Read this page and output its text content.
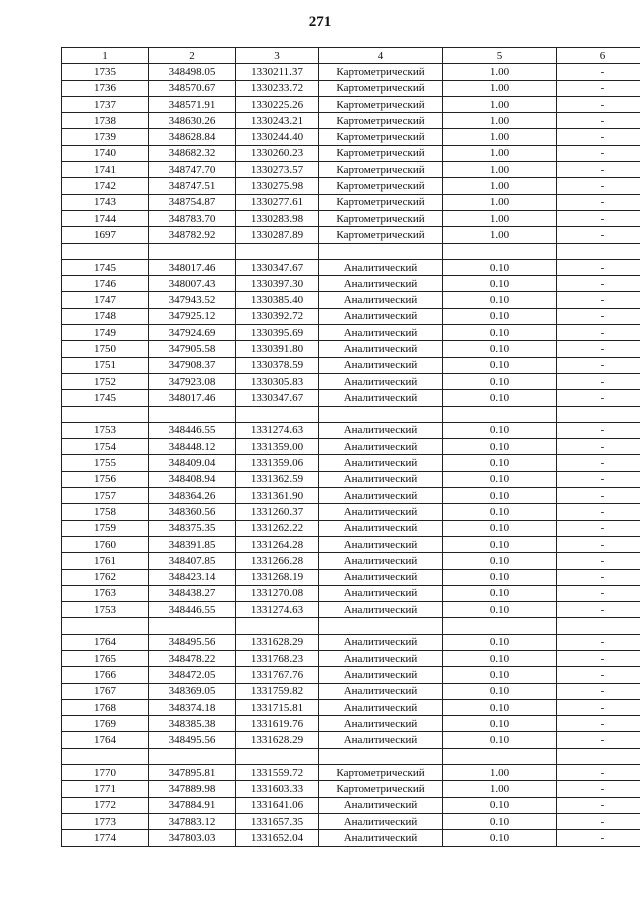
271
1	2	3	4	5	6
1735	348498.05	1330211.37	Картометрический	1.00	-
1736	348570.67	1330233.72	Картометрический	1.00	-
1737	348571.91	1330225.26	Картометрический	1.00	-
1738	348630.26	1330243.21	Картометрический	1.00	-
1739	348628.84	1330244.40	Картометрический	1.00	-
1740	348682.32	1330260.23	Картометрический	1.00	-
1741	348747.70	1330273.57	Картометрический	1.00	-
1742	348747.51	1330275.98	Картометрический	1.00	-
1743	348754.87	1330277.61	Картометрический	1.00	-
1744	348783.70	1330283.98	Картометрический	1.00	-
1697	348782.92	1330287.89	Картометрический	1.00	-

1745	348017.46	1330347.67	Аналитический	0.10	-
1746	348007.43	1330397.30	Аналитический	0.10	-
1747	347943.52	1330385.40	Аналитический	0.10	-
1748	347925.12	1330392.72	Аналитический	0.10	-
1749	347924.69	1330395.69	Аналитический	0.10	-
1750	347905.58	1330391.80	Аналитический	0.10	-
1751	347908.37	1330378.59	Аналитический	0.10	-
1752	347923.08	1330305.83	Аналитический	0.10	-
1745	348017.46	1330347.67	Аналитический	0.10	-

1753	348446.55	1331274.63	Аналитический	0.10	-
1754	348448.12	1331359.00	Аналитический	0.10	-
1755	348409.04	1331359.06	Аналитический	0.10	-
1756	348408.94	1331362.59	Аналитический	0.10	-
1757	348364.26	1331361.90	Аналитический	0.10	-
1758	348360.56	1331260.37	Аналитический	0.10	-
1759	348375.35	1331262.22	Аналитический	0.10	-
1760	348391.85	1331264.28	Аналитический	0.10	-
1761	348407.85	1331266.28	Аналитический	0.10	-
1762	348423.14	1331268.19	Аналитический	0.10	-
1763	348438.27	1331270.08	Аналитический	0.10	-
1753	348446.55	1331274.63	Аналитический	0.10	-

1764	348495.56	1331628.29	Аналитический	0.10	-
1765	348478.22	1331768.23	Аналитический	0.10	-
1766	348472.05	1331767.76	Аналитический	0.10	-
1767	348369.05	1331759.82	Аналитический	0.10	-
1768	348374.18	1331715.81	Аналитический	0.10	-
1769	348385.38	1331619.76	Аналитический	0.10	-
1764	348495.56	1331628.29	Аналитический	0.10	-

1770	347895.81	1331559.72	Картометрический	1.00	-
1771	347889.98	1331603.33	Картометрический	1.00	-
1772	347884.91	1331641.06	Аналитический	0.10	-
1773	347883.12	1331657.35	Аналитический	0.10	-
1774	347803.03	1331652.04	Аналитический	0.10	-
